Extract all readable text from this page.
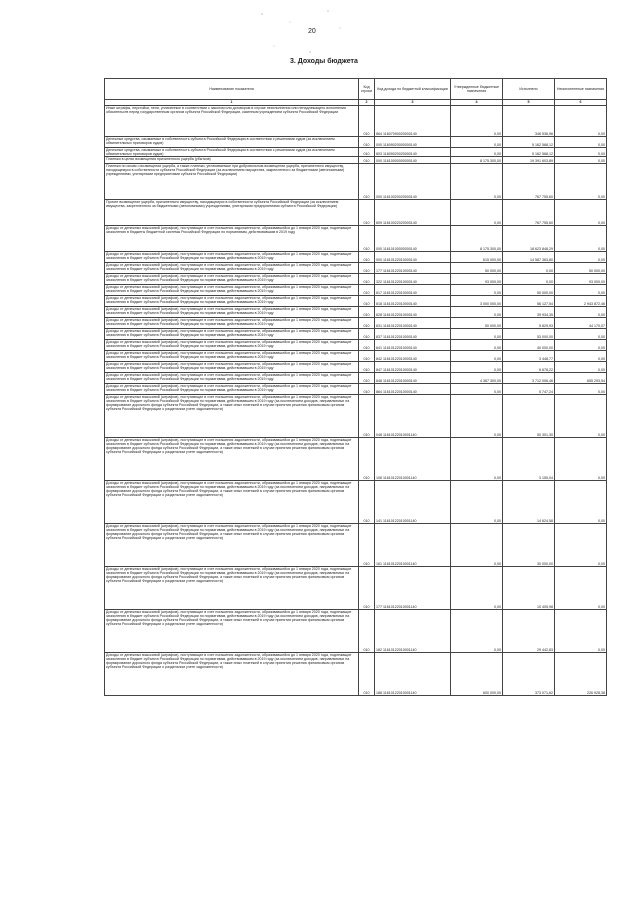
20
3. Доходы бюджета
Наименование показателя	Код строки	Код дохода по бюджетной классификации	Утвержденные бюджетные назначения	Исполнено	Неисполненные назначения
1	2	3	4	5	6
Иные штрафы, неустойки, пени, уплаченные в соответствии с законом или договором в случае неисполнения или ненадлежащего исполнения обязательств перед государственным органом субъекта Российской Федерации, казенным учреждением субъекта Российской Федерации	010	864 11607090020000140	0,00	346 536,96	0,00
Денежные средства, изымаемые в собственность субъекта Российской Федерации в соответствии с решениями судов (за исключением обвинительных приговоров судов)	010	000 11609020000000140	0,00	5 162 568,12	0,00
Денежные средства, изымаемые в собственность субъекта Российской Федерации в соответствии с решениями судов (за исключением обвинительных приговоров судов)	010	803 11609020020000140	0,00	5 162 568,12	0,00
Платежи в целях возмещения причиненного ущерба (убытков)	010	000 11610000000000140	8 175 300,00	19 391 603,89	0,00
Платежи по искам о возмещении ущерба, а также платежи, уплачиваемые при добровольном возмещении ущерба, причиненного имуществу, находящемуся в собственности субъекта Российской Федерации (за исключением имущества, закрепленного за бюджетными (автономными) учреждениями, унитарными предприятиями субъекта Российской Федерации)	010	000 11610020020000140	0,00	767 755,60	0,00
Прочее возмещение ущерба, причиненного имуществу, находящемуся в собственности субъекта Российской Федерации (за исключением имущества, закрепленного за бюджетными (автономными) учреждениями, унитарными предприятиями субъекта Российской Федерации)	010	809 11610022020000140	0,00	767 755,60	0,00
Доходы от денежных взысканий (штрафов), поступающие в счет погашения задолженности, образовавшейся до 1 января 2020 года, подлежащие зачислению в бюджеты бюджетной системы Российской Федерации по нормативам, действовавшим в 2019 году	010	000 11610100000000140	8 175 300,00	18 623 848,29	0,00
Доходы от денежных взысканий (штрафов), поступающие в счет погашения задолженности, образовавшейся до 1 января 2020 года, подлежащие зачислению в бюджет субъекта Российской Федерации по нормативам, действовавшим в 2019 году	010	000 11610122010000140	615 000,00	14 587 383,80	0,00
Доходы от денежных взысканий (штрафов), поступающие в счет погашения задолженности, образовавшейся до 1 января 2020 года, подлежащие зачислению в бюджет субъекта Российской Федерации по нормативам, действовавшим в 2019 году	010	177 11610122010000140	50 000,00	0,00	50 000,00
Доходы от денежных взысканий (штрафов), поступающие в счет погашения задолженности, образовавшейся до 1 января 2020 года, подлежащие зачислению в бюджет субъекта Российской Федерации по нормативам, действовавшим в 2019 году	010	322 11610122010000140	93 000,00	0,00	93 000,00
Доходы от денежных взысканий (штрафов), поступающие в счет погашения задолженности, образовавшейся до 1 января 2020 года, подлежащие зачислению в бюджет субъекта Российской Федерации по нормативам, действовавшим в 2019 году	010	817 11610122010000140	0,00	50 000,00	0,00
Доходы от денежных взысканий (штрафов), поступающие в счет погашения задолженности, образовавшейся до 1 января 2020 года, подлежащие зачислению в бюджет субъекта Российской Федерации по нормативам, действовавшим в 2019 году	010	818 11610122010000140	3 000 000,00	56 127,54	2 943 872,46
Доходы от денежных взысканий (штрафов), поступающие в счет погашения задолженности, образовавшейся до 1 января 2020 года, подлежащие зачислению в бюджет субъекта Российской Федерации по нормативам, действовавшим в 2019 году	010	828 11610122010000140	0,00	39 934,35	0,00
Доходы от денежных взысканий (штрафов), поступающие в счет погашения задолженности, образовавшейся до 1 января 2020 года, подлежащие зачислению в бюджет субъекта Российской Федерации по нормативам, действовавшим в 2019 году	010	831 11610122010000140	50 000,00	5 829,93	44 170,07
Доходы от денежных взысканий (штрафов), поступающие в счет погашения задолженности, образовавшейся до 1 января 2020 года, подлежащие зачислению в бюджет субъекта Российской Федерации по нормативам, действовавшим в 2019 году	010	837 11610122010000140	0,00	53 000,00	0,00
Доходы от денежных взысканий (штрафов), поступающие в счет погашения задолженности, образовавшейся до 1 января 2020 года, подлежащие зачислению в бюджет субъекта Российской Федерации по нормативам, действовавшим в 2019 году	010	841 11610122010000140	0,00	40 000,00	0,00
Доходы от денежных взысканий (штрафов), поступающие в счет погашения задолженности, образовавшейся до 1 января 2020 года, подлежащие зачислению в бюджет субъекта Российской Федерации по нормативам, действовавшим в 2019 году	010	842 11610122010000140	0,00	3 448,77	0,00
Доходы от денежных взысканий (штрафов), поступающие в счет погашения задолженности, образовавшейся до 1 января 2020 года, подлежащие зачислению в бюджет субъекта Российской Федерации по нормативам, действовавшим в 2019 году	010	847 11610122010000140	0,00	6 678,22	0,00
Доходы от денежных взысканий (штрафов), поступающие в счет погашения задолженности, образовавшейся до 1 января 2020 года, подлежащие зачислению в бюджет субъекта Российской Федерации по нормативам, действовавшим в 2019 году	010	848 11610122010000140	4 367 300,00	3 712 006,46	655 293,54
Доходы от денежных взысканий (штрафов), поступающие в счет погашения задолженности, образовавшейся до 1 января 2020 года, подлежащие зачислению в бюджет субъекта Российской Федерации по нормативам, действовавшим в 2019 году	010	864 11610122010000140	0,00	5 747,24	0,00
Доходы от денежных взысканий (штрафов), поступающие в счет погашения задолженности, образовавшейся до 1 января 2020 года, подлежащие зачислению в бюджет субъекта Российской Федерации по нормативам, действовавшим в 2019 году (за исключением доходов, направляемых на формирование дорожного фонда субъекта Российской Федерации, а также иных платежей в случае принятия решения финансовым органом субъекта Российской Федерации о раздельном учете задолженности)	010	048 11610122010001140	0,00	50 301,30	0,00
Доходы от денежных взысканий (штрафов), поступающие в счет погашения задолженности, образовавшейся до 1 января 2020 года, подлежащие зачислению в бюджет субъекта Российской Федерации по нормативам, действовавшим в 2019 году (за исключением доходов, направляемых на формирование дорожного фонда субъекта Российской Федерации, а также иных платежей в случае принятия решения финансовым органом субъекта Российской Федерации о раздельном учете задолженности)	010	106 11610122010001140	0,00	3 155,04	0,00
Доходы от денежных взысканий (штрафов), поступающие в счет погашения задолженности, образовавшейся до 1 января 2020 года, подлежащие зачислению в бюджет субъекта Российской Федерации по нормативам, действовавшим в 2019 году (за исключением доходов, направляемых на формирование дорожного фонда субъекта Российской Федерации, а также иных платежей в случае принятия решения финансовым органом субъекта Российской Федерации о раздельном учете задолженности)	010	141 11610122010001140	0,00	14 624,58	0,00
Доходы от денежных взысканий (штрафов), поступающие в счет погашения задолженности, образовавшейся до 1 января 2020 года, подлежащие зачислению в бюджет субъекта Российской Федерации по нормативам, действовавшим в 2019 году (за исключением доходов, направляемых на формирование дорожного фонда субъекта Российской Федерации, а также иных платежей в случае принятия решения финансовым органом субъекта Российской Федерации о раздельном учете задолженности)	010	161 11610122010001140	0,00	30 000,00	0,00
Доходы от денежных взысканий (штрафов), поступающие в счет погашения задолженности, образовавшейся до 1 января 2020 года, подлежащие зачислению в бюджет субъекта Российской Федерации по нормативам, действовавшим в 2019 году (за исключением доходов, направляемых на формирование дорожного фонда субъекта Российской Федерации, а также иных платежей в случае принятия решения финансовым органом субъекта Российской Федерации о раздельном учете задолженности)	010	177 11610122010001140	0,00	10 405,98	0,00
Доходы от денежных взысканий (штрафов), поступающие в счет погашения задолженности, образовавшейся до 1 января 2020 года, подлежащие зачислению в бюджет субъекта Российской Федерации по нормативам, действовавшим в 2019 году (за исключением доходов, направляемых на формирование дорожного фонда субъекта Российской Федерации, а также иных платежей в случае принятия решения финансовым органом субъекта Российской Федерации о раздельном учете задолженности)	010	182 11610122010001140	0,00	29 442,83	0,00
Доходы от денежных взысканий (штрафов), поступающие в счет погашения задолженности, образовавшейся до 1 января 2020 года, подлежащие зачислению в бюджет субъекта Российской Федерации по нормативам, действовавшим в 2019 году (за исключением доходов, направляемых на формирование дорожного фонда субъекта Российской Федерации, а также иных платежей в случае принятия решения финансовым органом субъекта Российской Федерации о раздельном учете задолженности)	010	188 11610122010001140	600 000,00	373 071,62	226 928,38
